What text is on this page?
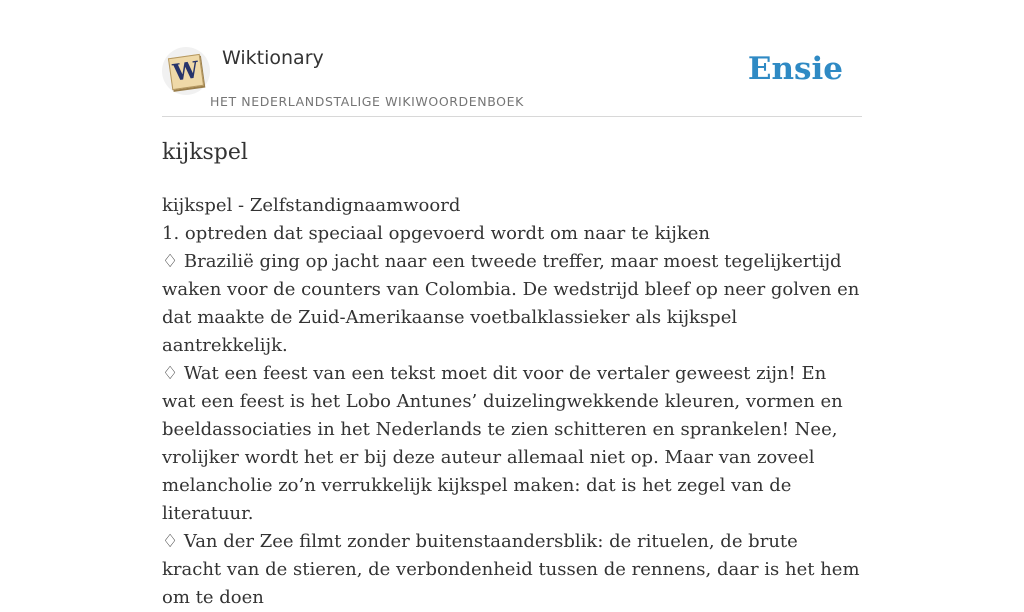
W Wiktionary
HET NEDERLANDSTALIGE WIKIWOORDENBOEK
Ensie
kijkspel

kijkspel - Zelfstandignaamwoord

1. optreden dat speciaal opgevoerd wordt om naar te kijken

♢ Brazilië ging op jacht naar een tweede treffer, maar moest tegelijkertijd waken voor de counters van Colombia. De wedstrijd bleef op neer golven en dat maakte de Zuid-Amerikaanse voetbalklassieker als kijkspel aantrekkelijk.

♢ Wat een feest van een tekst moet dit voor de vertaler geweest zijn! En wat een feest is het Lobo Antunes’ duizelingwekkende kleuren, vormen en beeldassociaties in het Nederlands te zien schitteren en sprankelen! Nee, vrolijker wordt het er bij deze auteur allemaal niet op. Maar van zoveel melancholie zo’n verrukkelijk kijkspel maken: dat is het zegel van de literatuur.

♢ Van der Zee filmt zonder buitenstaandersblik: de rituelen, de brute kracht van de stieren, de verbondenheid tussen de rennens, daar is het hem om te doen
